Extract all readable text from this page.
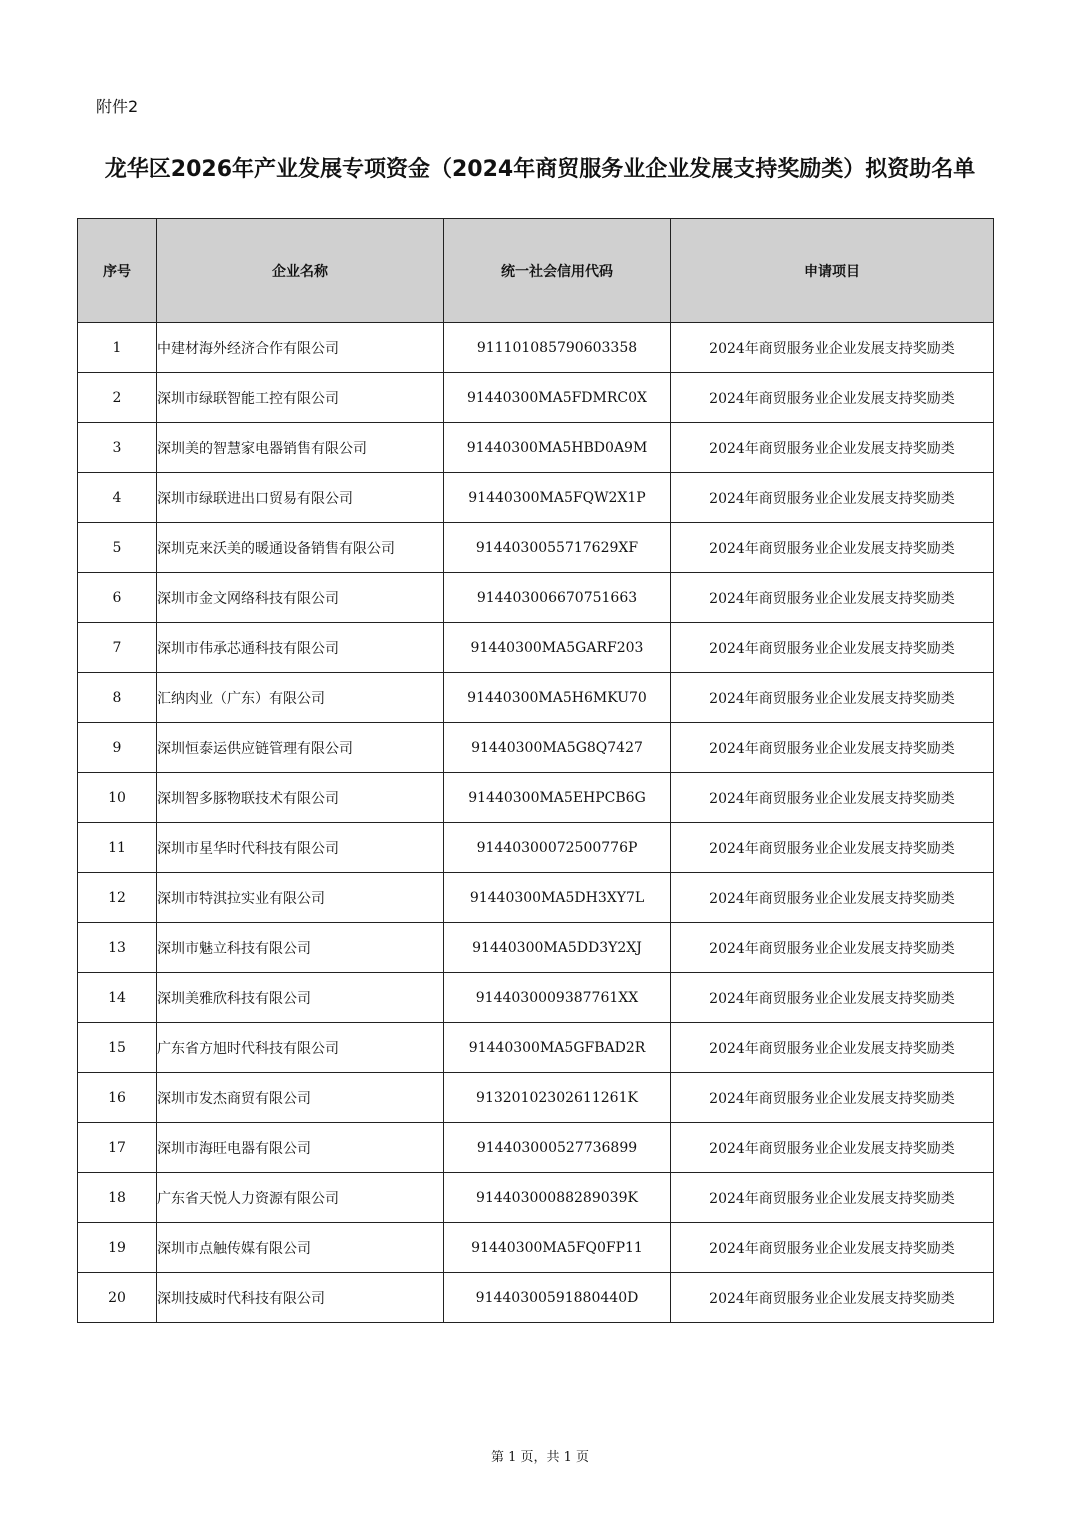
附件2
龙华区2026年产业发展专项资金（2024年商贸服务业企业发展支持奖励类）拟资助名单
序号	企业名称	统一社会信用代码	申请项目
1	中建材海外经济合作有限公司	911101085790603358	2024年商贸服务业企业发展支持奖励类
2	深圳市绿联智能工控有限公司	91440300MA5FDMRC0X	2024年商贸服务业企业发展支持奖励类
3	深圳美的智慧家电器销售有限公司	91440300MA5HBD0A9M	2024年商贸服务业企业发展支持奖励类
4	深圳市绿联进出口贸易有限公司	91440300MA5FQW2X1P	2024年商贸服务业企业发展支持奖励类
5	深圳克来沃美的暖通设备销售有限公司	9144030055717629XF	2024年商贸服务业企业发展支持奖励类
6	深圳市金文网络科技有限公司	914403006670751663	2024年商贸服务业企业发展支持奖励类
7	深圳市伟承芯通科技有限公司	91440300MA5GARF203	2024年商贸服务业企业发展支持奖励类
8	汇纳肉业（广东）有限公司	91440300MA5H6MKU70	2024年商贸服务业企业发展支持奖励类
9	深圳恒泰运供应链管理有限公司	91440300MA5G8Q7427	2024年商贸服务业企业发展支持奖励类
10	深圳智多豚物联技术有限公司	91440300MA5EHPCB6G	2024年商贸服务业企业发展支持奖励类
11	深圳市星华时代科技有限公司	91440300072500776P	2024年商贸服务业企业发展支持奖励类
12	深圳市特淇拉实业有限公司	91440300MA5DH3XY7L	2024年商贸服务业企业发展支持奖励类
13	深圳市魅立科技有限公司	91440300MA5DD3Y2XJ	2024年商贸服务业企业发展支持奖励类
14	深圳美雅欣科技有限公司	9144030009387761XX	2024年商贸服务业企业发展支持奖励类
15	广东省方旭时代科技有限公司	91440300MA5GFBAD2R	2024年商贸服务业企业发展支持奖励类
16	深圳市发杰商贸有限公司	91320102302611261K	2024年商贸服务业企业发展支持奖励类
17	深圳市海旺电器有限公司	914403000527736899	2024年商贸服务业企业发展支持奖励类
18	广东省天悦人力资源有限公司	91440300088289039K	2024年商贸服务业企业发展支持奖励类
19	深圳市点触传媒有限公司	91440300MA5FQ0FP11	2024年商贸服务业企业发展支持奖励类
20	深圳技威时代科技有限公司	91440300591880440D	2024年商贸服务业企业发展支持奖励类
第 1 页，共 1 页
